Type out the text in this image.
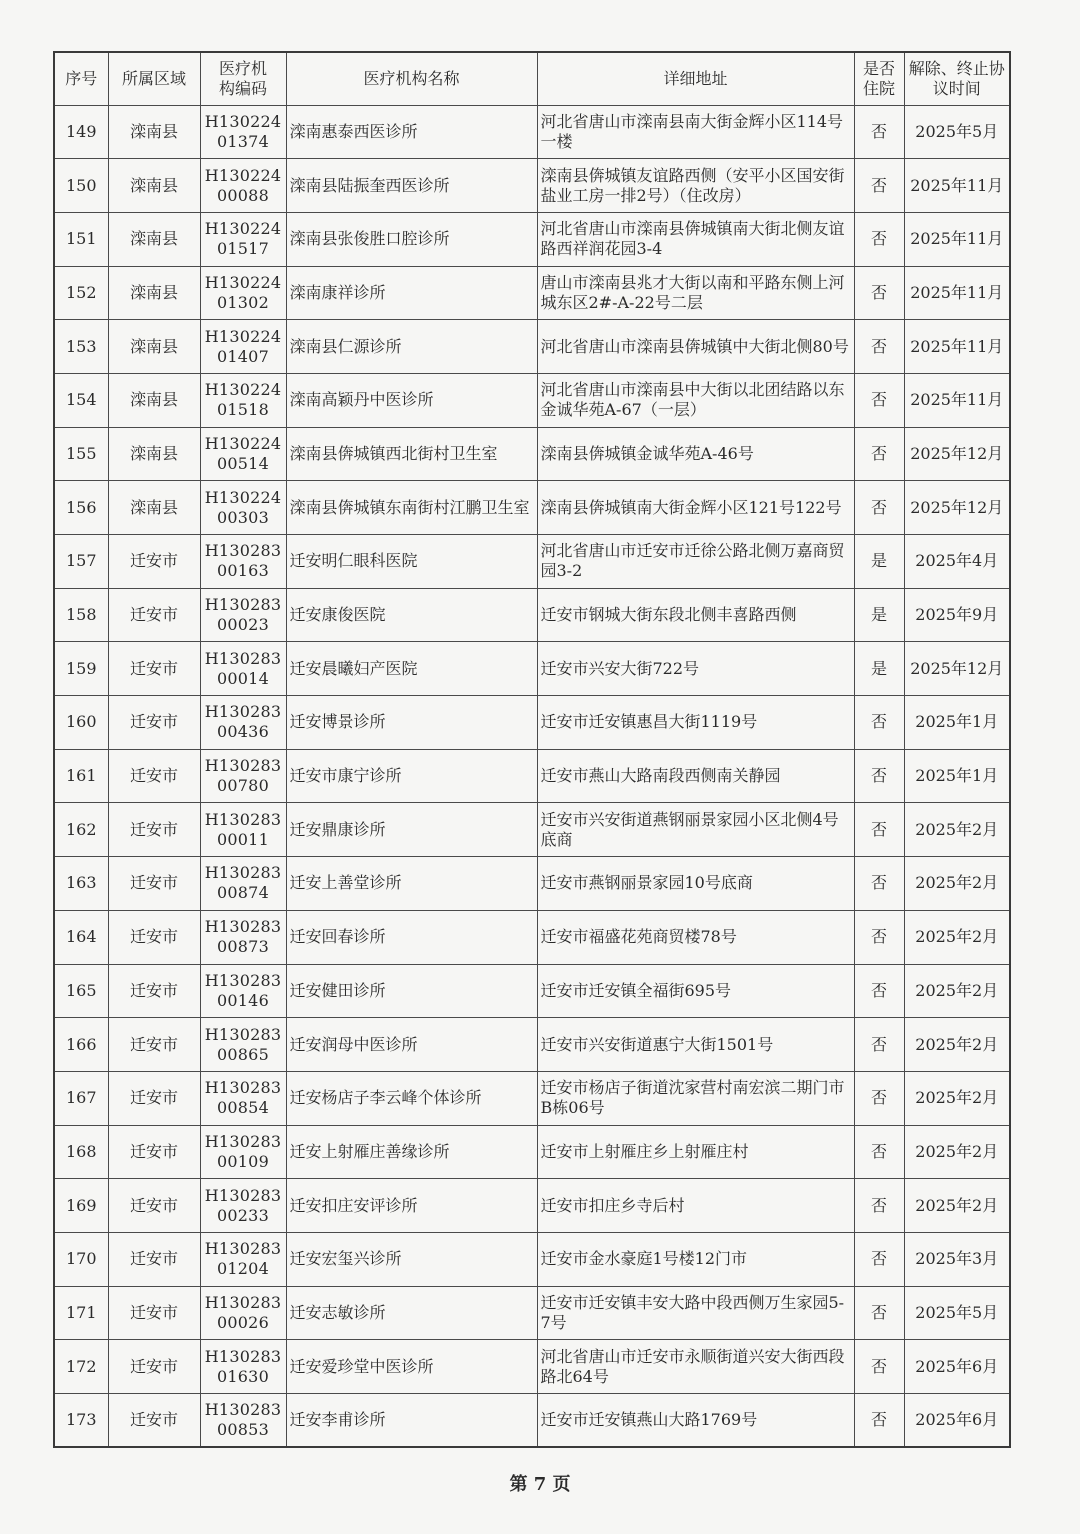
序号	所属区域	医疗机构编码	医疗机构名称	详细地址	是否住院	解除、终止协议时间
149	滦南县	H13022401374	滦南惠泰西医诊所	河北省唐山市滦南县南大街金辉小区114号一楼	否	2025年5月
150	滦南县	H13022400088	滦南县陆振奎西医诊所	滦南县倴城镇友谊路西侧（安平小区国安街盐业工房一排2号）（住改房）	否	2025年11月
151	滦南县	H13022401517	滦南县张俊胜口腔诊所	河北省唐山市滦南县倴城镇南大街北侧友谊路西祥润花园3-4	否	2025年11月
152	滦南县	H13022401302	滦南康祥诊所	唐山市滦南县兆才大街以南和平路东侧上河城东区2#-A-22号二层	否	2025年11月
153	滦南县	H13022401407	滦南县仁源诊所	河北省唐山市滦南县倴城镇中大街北侧80号	否	2025年11月
154	滦南县	H13022401518	滦南高颖丹中医诊所	河北省唐山市滦南县中大街以北团结路以东金诚华苑A-67（一层）	否	2025年11月
155	滦南县	H13022400514	滦南县倴城镇西北街村卫生室	滦南县倴城镇金诚华苑A-46号	否	2025年12月
156	滦南县	H13022400303	滦南县倴城镇东南街村江鹏卫生室	滦南县倴城镇南大街金辉小区121号122号	否	2025年12月
157	迁安市	H13028300163	迁安明仁眼科医院	河北省唐山市迁安市迁徐公路北侧万嘉商贸园3-2	是	2025年4月
158	迁安市	H13028300023	迁安康俊医院	迁安市钢城大街东段北侧丰喜路西侧	是	2025年9月
159	迁安市	H13028300014	迁安晨曦妇产医院	迁安市兴安大街722号	是	2025年12月
160	迁安市	H13028300436	迁安博景诊所	迁安市迁安镇惠昌大街1119号	否	2025年1月
161	迁安市	H13028300780	迁安市康宁诊所	迁安市燕山大路南段西侧南关静园	否	2025年1月
162	迁安市	H13028300011	迁安鼎康诊所	迁安市兴安街道燕钢丽景家园小区北侧4号底商	否	2025年2月
163	迁安市	H13028300874	迁安上善堂诊所	迁安市燕钢丽景家园10号底商	否	2025年2月
164	迁安市	H13028300873	迁安回春诊所	迁安市福盛花苑商贸楼78号	否	2025年2月
165	迁安市	H13028300146	迁安健田诊所	迁安市迁安镇全福街695号	否	2025年2月
166	迁安市	H13028300865	迁安润母中医诊所	迁安市兴安街道惠宁大街1501号	否	2025年2月
167	迁安市	H13028300854	迁安杨店子李云峰个体诊所	迁安市杨店子街道沈家营村南宏滨二期门市B栋06号	否	2025年2月
168	迁安市	H13028300109	迁安上射雁庄善缘诊所	迁安市上射雁庄乡上射雁庄村	否	2025年2月
169	迁安市	H13028300233	迁安扣庄安评诊所	迁安市扣庄乡寺后村	否	2025年2月
170	迁安市	H13028301204	迁安宏玺兴诊所	迁安市金水豪庭1号楼12门市	否	2025年3月
171	迁安市	H13028300026	迁安志敏诊所	迁安市迁安镇丰安大路中段西侧万生家园5-7号	否	2025年5月
172	迁安市	H13028301630	迁安爱珍堂中医诊所	河北省唐山市迁安市永顺街道兴安大街西段路北64号	否	2025年6月
173	迁安市	H13028300853	迁安李甫诊所	迁安市迁安镇燕山大路1769号	否	2025年6月
第 7 页
